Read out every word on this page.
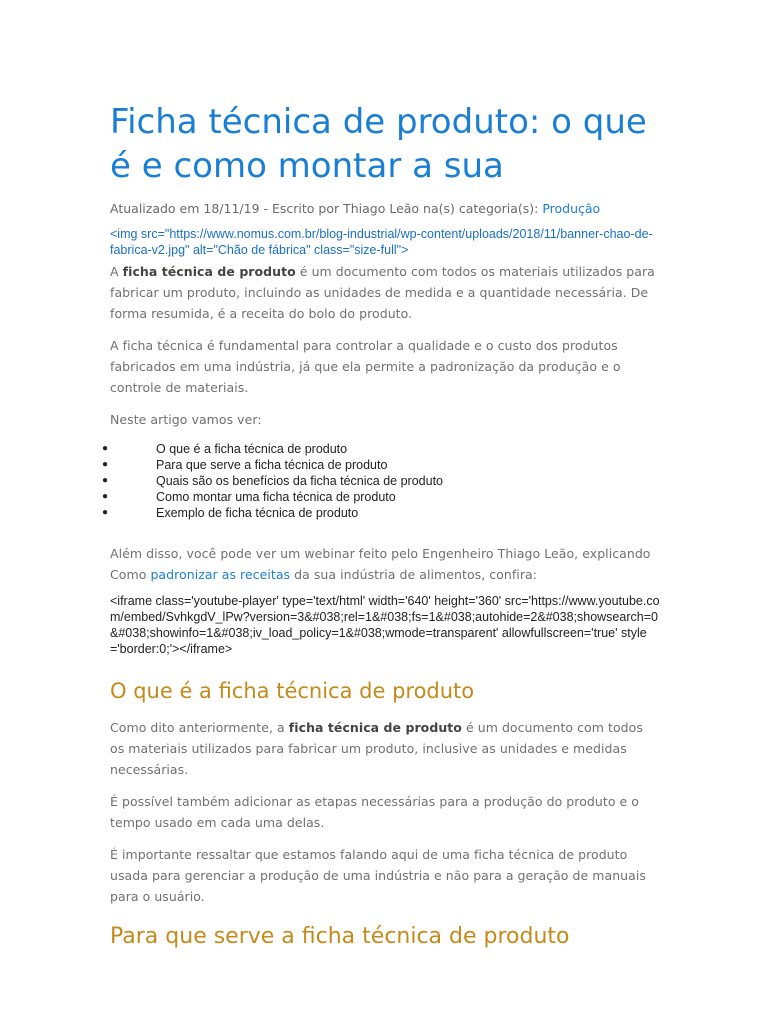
Ficha técnica de produto: o que é e como montar a sua

Atualizado em 18/11/19 - Escrito por Thiago Leão na(s) categoria(s): Produção

<img src="https://www.nomus.com.br/blog-industrial/wp-content/uploads/2018/11/banner-chao-de-fabrica-v2.jpg" alt="Chão de fábrica" class="size-full">

A ficha técnica de produto é um documento com todos os materiais utilizados para fabricar um produto, incluindo as unidades de medida e a quantidade necessária. De forma resumida, é a receita do bolo do produto.

A ficha técnica é fundamental para controlar a qualidade e o custo dos produtos fabricados em uma indústria, já que ela permite a padronização da produção e o controle de materiais.

Neste artigo vamos ver:

●	O que é a ficha técnica de produto
●	Para que serve a ficha técnica de produto
●	Quais são os benefícios da ficha técnica de produto
●	Como montar uma ficha técnica de produto
●	Exemplo de ficha técnica de produto

Além disso, você pode ver um webinar feito pelo Engenheiro Thiago Leão, explicando
Como padronizar as receitas da sua indústria de alimentos, confira:

<iframe class='youtube-player' type='text/html' width='640' height='360' src='https://www.youtube.com/embed/SvhkgdV_lPw?version=3&#038;rel=1&#038;fs=1&#038;autohide=2&#038;showsearch=0&#038;showinfo=1&#038;iv_load_policy=1&#038;wmode=transparent' allowfullscreen='true' style='border:0;'></iframe>

O que é a ficha técnica de produto

Como dito anteriormente, a ficha técnica de produto é um documento com todos os materiais utilizados para fabricar um produto, inclusive as unidades e medidas necessárias.

É possível também adicionar as etapas necessárias para a produção do produto e o tempo usado em cada uma delas.

É importante ressaltar que estamos falando aqui de uma ficha técnica de produto usada para gerenciar a produção de uma indústria e não para a geração de manuais para o usuário.

Para que serve a ficha técnica de produto
